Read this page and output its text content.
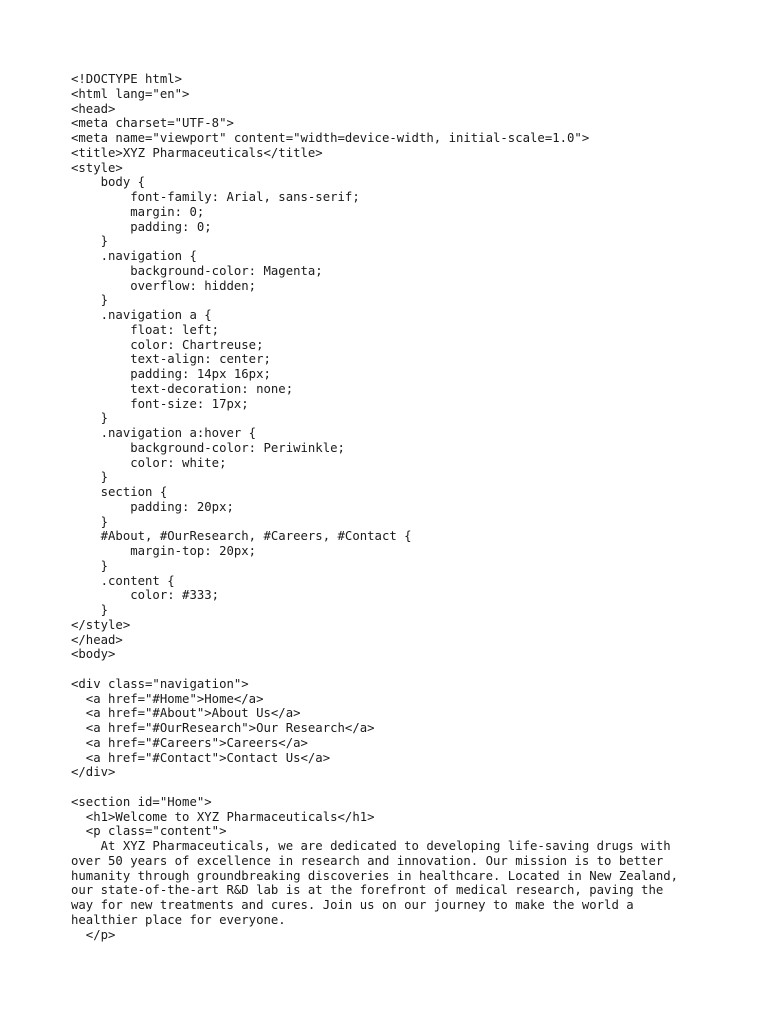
<!DOCTYPE html>
<html lang="en">
<head>
<meta charset="UTF-8">
<meta name="viewport" content="width=device-width, initial-scale=1.0">
<title>XYZ Pharmaceuticals</title>
<style>
body {
font-family: Arial, sans-serif;
margin: 0;
padding: 0;
}
.navigation {
background-color: Magenta;
overflow: hidden;
}
.navigation a {
float: left;
color: Chartreuse;
text-align: center;
padding: 14px 16px;
text-decoration: none;
font-size: 17px;
}
.navigation a:hover {
background-color: Periwinkle;
color: white;
}
section {
padding: 20px;
}
#About, #OurResearch, #Careers, #Contact {
margin-top: 20px;
}
.content {
color: #333;
}
</style>
</head>
<body>
<div class="navigation">
<a href="#Home">Home</a>
<a href="#About">About Us</a>
<a href="#OurResearch">Our Research</a>
<a href="#Careers">Careers</a>
<a href="#Contact">Contact Us</a>
</div>
<section id="Home">
<h1>Welcome to XYZ Pharmaceuticals</h1>
<p class="content">
At XYZ Pharmaceuticals, we are dedicated to developing life-saving drugs with
over 50 years of excellence in research and innovation. Our mission is to better
humanity through groundbreaking discoveries in healthcare. Located in New Zealand,
our state-of-the-art R&D lab is at the forefront of medical research, paving the
way for new treatments and cures. Join us on our journey to make the world a
healthier place for everyone.
</p>
